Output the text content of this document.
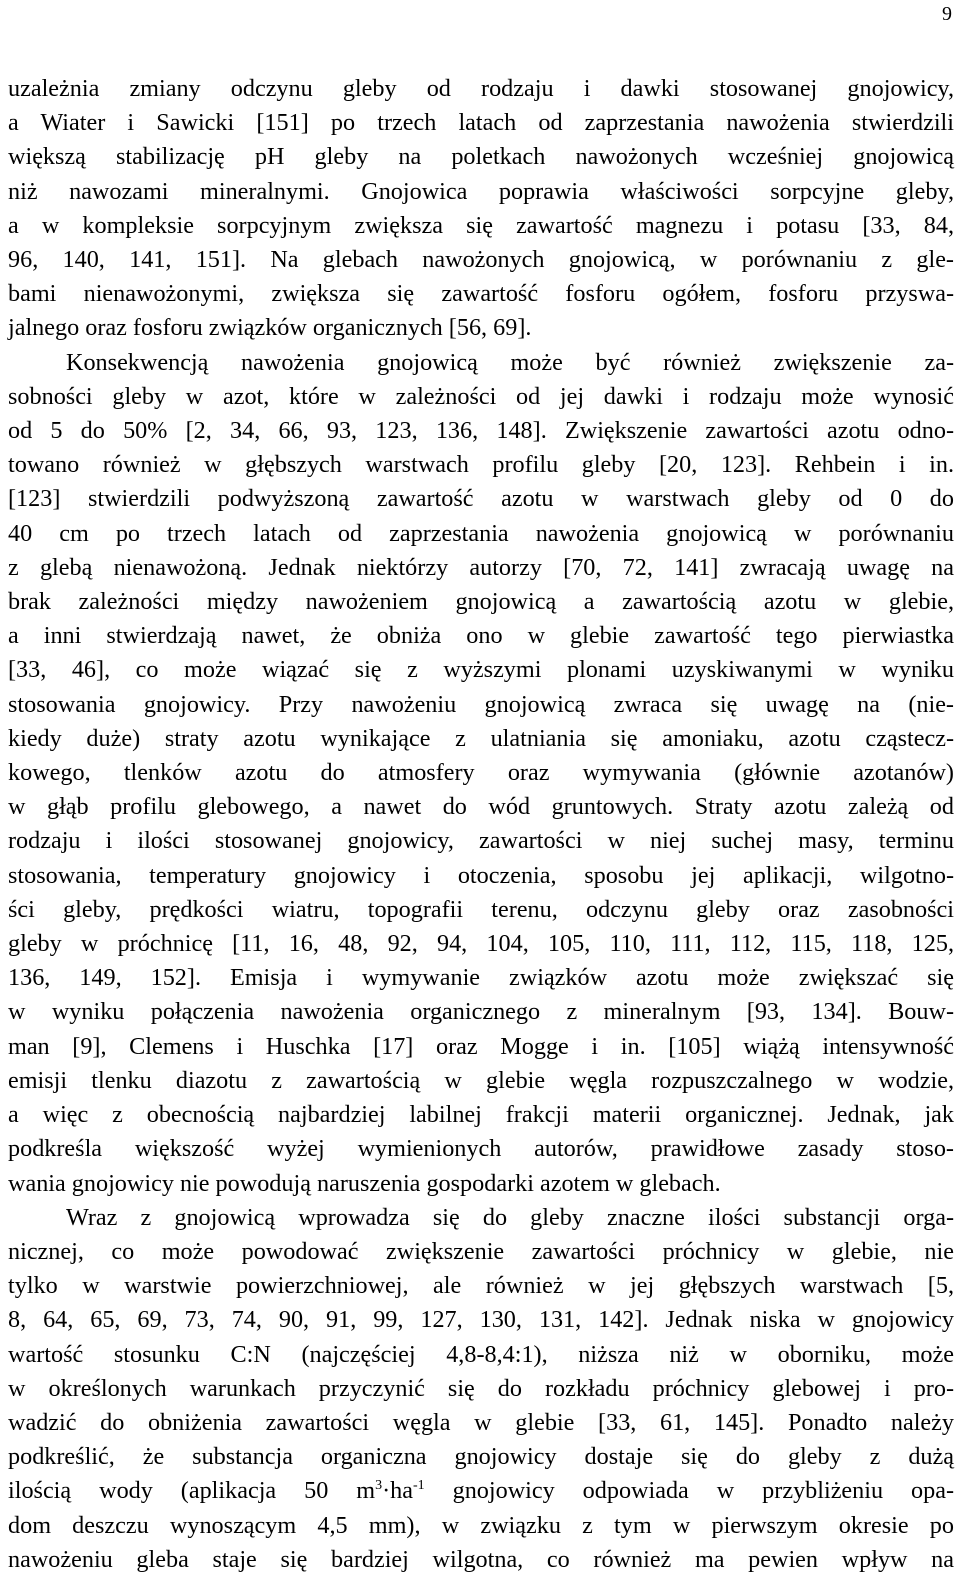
9

uzależnia zmiany odczynu gleby od rodzaju i dawki stosowanej gnojowicy,
a Wiater i Sawicki [151] po trzech latach od zaprzestania nawożenia stwierdzili
większą stabilizację pH gleby na poletkach nawożonych wcześniej gnojowicą
niż nawozami mineralnymi. Gnojowica poprawia właściwości sorpcyjne gleby,
a w kompleksie sorpcyjnym zwiększa się zawartość magnezu i potasu [33, 84,
96, 140, 141, 151]. Na glebach nawożonych gnojowicą, w porównaniu z gle-
bami nienawożonymi, zwiększa się zawartość fosforu ogółem, fosforu przyswa-
jalnego oraz fosforu związków organicznych [56, 69].

Konsekwencją nawożenia gnojowicą może być również zwiększenie za-
sobności gleby w azot, które w zależności od jej dawki i rodzaju może wynosić
od 5 do 50% [2, 34, 66, 93, 123, 136, 148]. Zwiększenie zawartości azotu odno-
towano również w głębszych warstwach profilu gleby [20, 123]. Rehbein i in.
[123] stwierdzili podwyższoną zawartość azotu w warstwach gleby od 0 do
40 cm po trzech latach od zaprzestania nawożenia gnojowicą w porównaniu
z glebą nienawożoną. Jednak niektórzy autorzy [70, 72, 141] zwracają uwagę na
brak zależności między nawożeniem gnojowicą a zawartością azotu w glebie,
a inni stwierdzają nawet, że obniża ono w glebie zawartość tego pierwiastka
[33, 46], co może wiązać się z wyższymi plonami uzyskiwanymi w wyniku
stosowania gnojowicy. Przy nawożeniu gnojowicą zwraca się uwagę na (nie-
kiedy duże) straty azotu wynikające z ulatniania się amoniaku, azotu cząstecz-
kowego, tlenków azotu do atmosfery oraz wymywania (głównie azotanów)
w głąb profilu glebowego, a nawet do wód gruntowych. Straty azotu zależą od
rodzaju i ilości stosowanej gnojowicy, zawartości w niej suchej masy, terminu
stosowania, temperatury gnojowicy i otoczenia, sposobu jej aplikacji, wilgotno-
ści gleby, prędkości wiatru, topografii terenu, odczynu gleby oraz zasobności
gleby w próchnicę [11, 16, 48, 92, 94, 104, 105, 110, 111, 112, 115, 118, 125,
136, 149, 152]. Emisja i wymywanie związków azotu może zwiększać się
w wyniku połączenia nawożenia organicznego z mineralnym [93, 134]. Bouw-
man [9], Clemens i Huschka [17] oraz Mogge i in. [105] wiążą intensywność
emisji tlenku diazotu z zawartością w glebie węgla rozpuszczalnego w wodzie,
a więc z obecnością najbardziej labilnej frakcji materii organicznej. Jednak, jak
podkreśla większość wyżej wymienionych autorów, prawidłowe zasady stoso-
wania gnojowicy nie powodują naruszenia gospodarki azotem w glebach.

Wraz z gnojowicą wprowadza się do gleby znaczne ilości substancji orga-
nicznej, co może powodować zwiększenie zawartości próchnicy w glebie, nie
tylko w warstwie powierzchniowej, ale również w jej głębszych warstwach [5,
8, 64, 65, 69, 73, 74, 90, 91, 99, 127, 130, 131, 142]. Jednak niska w gnojowicy
wartość stosunku C:N (najczęściej 4,8-8,4:1), niższa niż w oborniku, może
w określonych warunkach przyczynić się do rozkładu próchnicy glebowej i pro-
wadzić do obniżenia zawartości węgla w glebie [33, 61, 145]. Ponadto należy
podkreślić, że substancja organiczna gnojowicy dostaje się do gleby z dużą
ilością wody (aplikacja 50 $m^3\cdot ha^{-1}$ gnojowicy odpowiada w przybliżeniu opa-
dom deszczu wynoszącym 4,5 mm), w związku z tym w pierwszym okresie po
nawożeniu gleba staje się bardziej wilgotna, co również ma pewien wpływ na
